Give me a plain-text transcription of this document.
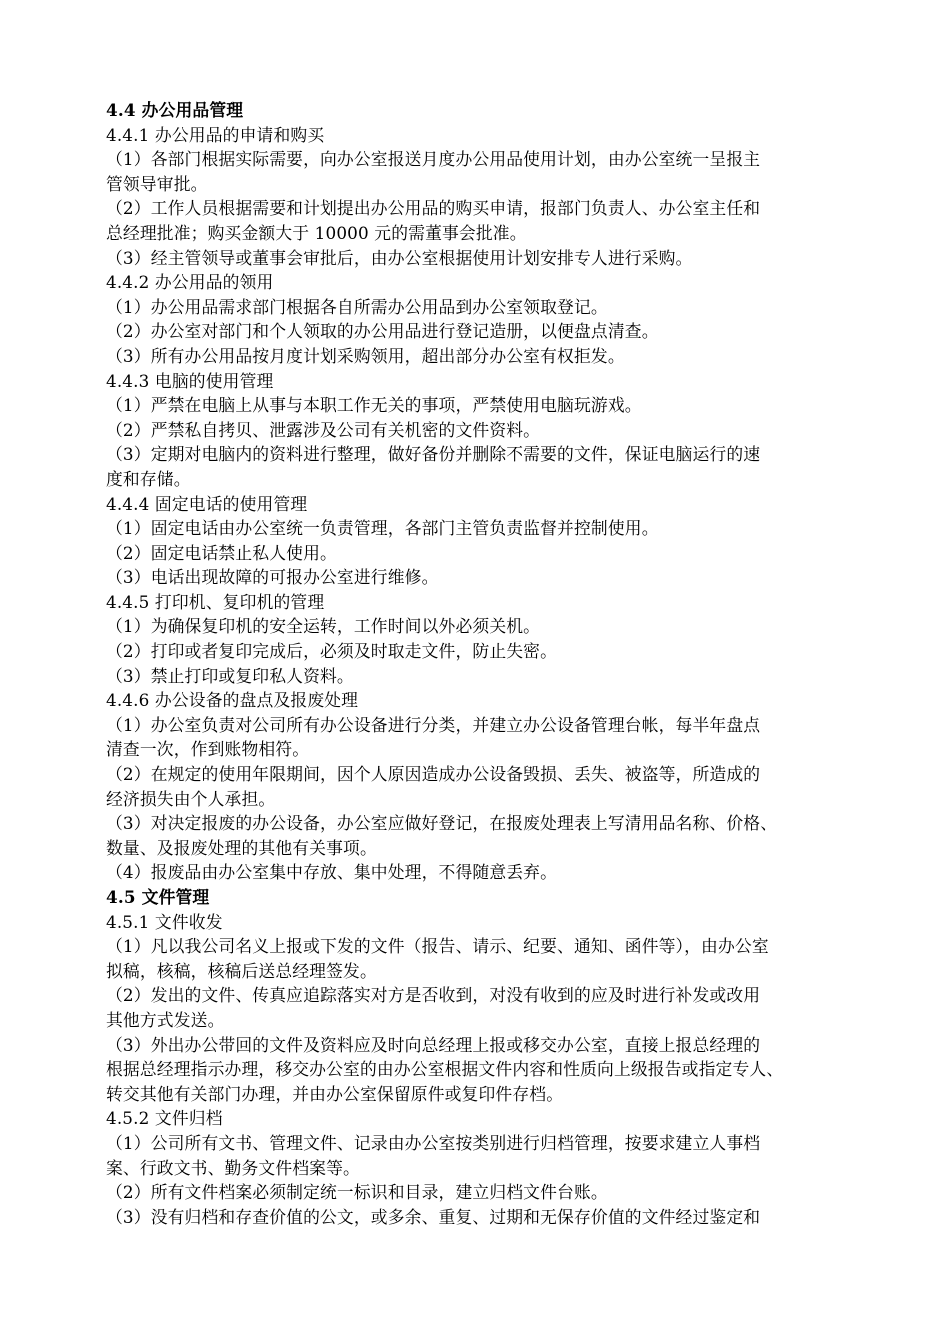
4.4 办公用品管理
4.4.1 办公用品的申请和购买
（1）各部门根据实际需要，向办公室报送月度办公用品使用计划，由办公室统一呈报主
管领导审批。
（2）工作人员根据需要和计划提出办公用品的购买申请，报部门负责人、办公室主任和
总经理批准；购买金额大于 10000 元的需董事会批准。
（3）经主管领导或董事会审批后，由办公室根据使用计划安排专人进行采购。
4.4.2 办公用品的领用
（1）办公用品需求部门根据各自所需办公用品到办公室领取登记。
（2）办公室对部门和个人领取的办公用品进行登记造册，以便盘点清查。
（3）所有办公用品按月度计划采购领用，超出部分办公室有权拒发。
4.4.3 电脑的使用管理
（1）严禁在电脑上从事与本职工作无关的事项，严禁使用电脑玩游戏。
（2）严禁私自拷贝、泄露涉及公司有关机密的文件资料。
（3）定期对电脑内的资料进行整理，做好备份并删除不需要的文件，保证电脑运行的速
度和存储。
4.4.4 固定电话的使用管理
（1）固定电话由办公室统一负责管理，各部门主管负责监督并控制使用。
（2）固定电话禁止私人使用。
（3）电话出现故障的可报办公室进行维修。
4.4.5 打印机、复印机的管理
（1）为确保复印机的安全运转，工作时间以外必须关机。
（2）打印或者复印完成后，必须及时取走文件，防止失密。
（3）禁止打印或复印私人资料。
4.4.6 办公设备的盘点及报废处理
（1）办公室负责对公司所有办公设备进行分类，并建立办公设备管理台帐，每半年盘点
清查一次，作到账物相符。
（2）在规定的使用年限期间，因个人原因造成办公设备毁损、丢失、被盗等，所造成的
经济损失由个人承担。
（3）对决定报废的办公设备，办公室应做好登记，在报废处理表上写清用品名称、价格、
数量、及报废处理的其他有关事项。
（4）报废品由办公室集中存放、集中处理，不得随意丢弃。
4.5 文件管理
4.5.1 文件收发
（1）凡以我公司名义上报或下发的文件（报告、请示、纪要、通知、函件等），由办公室
拟稿，核稿，核稿后送总经理签发。
（2）发出的文件、传真应追踪落实对方是否收到，对没有收到的应及时进行补发或改用
其他方式发送。
（3）外出办公带回的文件及资料应及时向总经理上报或移交办公室，直接上报总经理的
根据总经理指示办理，移交办公室的由办公室根据文件内容和性质向上级报告或指定专人、
转交其他有关部门办理，并由办公室保留原件或复印件存档。
4.5.2 文件归档
（1）公司所有文书、管理文件、记录由办公室按类别进行归档管理，按要求建立人事档
案、行政文书、勤务文件档案等。
（2）所有文件档案必须制定统一标识和目录，建立归档文件台账。
（3）没有归档和存查价值的公文，或多余、重复、过期和无保存价值的文件经过鉴定和
